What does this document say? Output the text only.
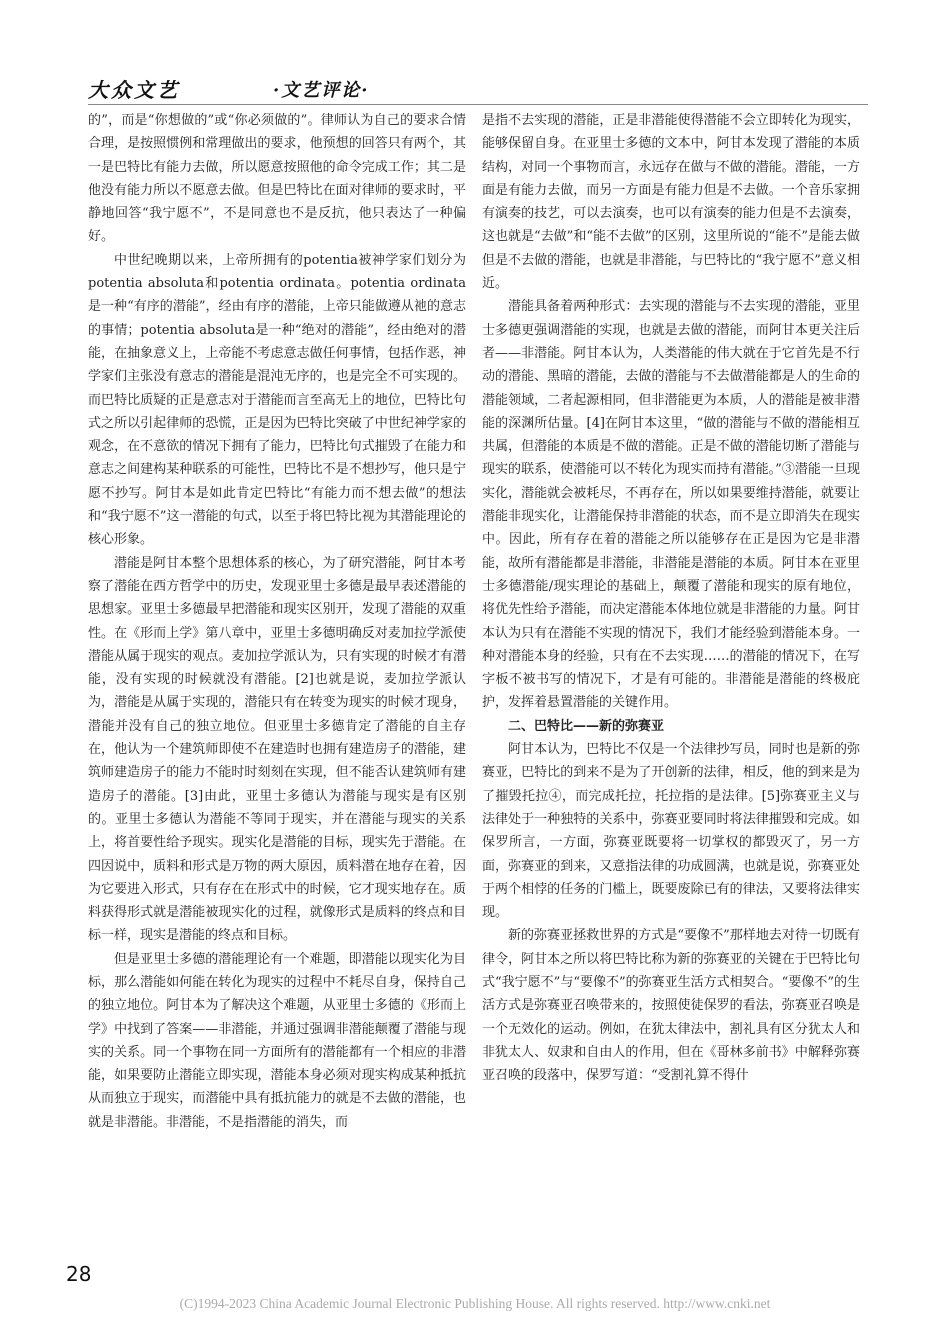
大众文艺	·文艺评论·

的”，而是“你想做的”或“你必须做的”。律师认为自己的要求合情合理，是按照惯例和常理做出的要求，他预想的回答只有两个，其一是巴特比有能力去做，所以愿意按照他的命令完成工作；其二是他没有能力所以不愿意去做。但是巴特比在面对律师的要求时，平静地回答“我宁愿不”，不是同意也不是反抗，他只表达了一种偏好。

中世纪晚期以来，上帝所拥有的potentia被神学家们划分为potentia absoluta和potentia ordinata。potentia ordinata是一种“有序的潜能”，经由有序的潜能，上帝只能做遵从祂的意志的事情；potentia absoluta是一种“绝对的潜能”，经由绝对的潜能，在抽象意义上，上帝能不考虑意志做任何事情，包括作恶，神学家们主张没有意志的潜能是混沌无序的，也是完全不可实现的。而巴特比质疑的正是意志对于潜能而言至高无上的地位，巴特比句式之所以引起律师的恐慌，正是因为巴特比突破了中世纪神学家的观念，在不意欲的情况下拥有了能力，巴特比句式摧毁了在能力和意志之间建构某种联系的可能性，巴特比不是不想抄写，他只是宁愿不抄写。阿甘本是如此肯定巴特比“有能力而不想去做”的想法和“我宁愿不”这一潜能的句式，以至于将巴特比视为其潜能理论的核心形象。

潜能是阿甘本整个思想体系的核心，为了研究潜能，阿甘本考察了潜能在西方哲学中的历史，发现亚里士多德是最早表述潜能的思想家。亚里士多德最早把潜能和现实区别开，发现了潜能的双重性。在《形而上学》第八章中，亚里士多德明确反对麦加拉学派使潜能从属于现实的观点。麦加拉学派认为，只有实现的时候才有潜能，没有实现的时候就没有潜能。[2]也就是说，麦加拉学派认为，潜能是从属于实现的，潜能只有在转变为现实的时候才现身，潜能并没有自己的独立地位。但亚里士多德肯定了潜能的自主存在，他认为一个建筑师即使不在建造时也拥有建造房子的潜能，建筑师建造房子的能力不能时时刻刻在实现，但不能否认建筑师有建造房子的潜能。[3]由此，亚里士多德认为潜能与现实是有区别的。亚里士多德认为潜能不等同于现实，并在潜能与现实的关系上，将首要性给予现实。现实化是潜能的目标，现实先于潜能。在四因说中，质料和形式是万物的两大原因，质料潜在地存在着，因为它要进入形式，只有存在在形式中的时候，它才现实地存在。质料获得形式就是潜能被现实化的过程，就像形式是质料的终点和目标一样，现实是潜能的终点和目标。

但是亚里士多德的潜能理论有一个难题，即潜能以现实化为目标，那么潜能如何能在转化为现实的过程中不耗尽自身，保持自己的独立地位。阿甘本为了解决这个难题，从亚里士多德的《形而上学》中找到了答案——非潜能，并通过强调非潜能颠覆了潜能与现实的关系。同一个事物在同一方面所有的潜能都有一个相应的非潜能，如果要防止潜能立即实现，潜能本身必须对现实构成某种抵抗从而独立于现实，而潜能中具有抵抗能力的就是不去做的潜能，也就是非潜能。非潜能，不是指潜能的消失，而

是指不去实现的潜能，正是非潜能使得潜能不会立即转化为现实，能够保留自身。在亚里士多德的文本中，阿甘本发现了潜能的本质结构，对同一个事物而言，永远存在做与不做的潜能。潜能，一方面是有能力去做，而另一方面是有能力但是不去做。一个音乐家拥有演奏的技艺，可以去演奏，也可以有演奏的能力但是不去演奏，这也就是“去做”和“能不去做”的区别，这里所说的“能不”是能去做但是不去做的潜能，也就是非潜能，与巴特比的“我宁愿不”意义相近。

潜能具备着两种形式：去实现的潜能与不去实现的潜能，亚里士多德更强调潜能的实现，也就是去做的潜能，而阿甘本更关注后者——非潜能。阿甘本认为，人类潜能的伟大就在于它首先是不行动的潜能、黑暗的潜能，去做的潜能与不去做潜能都是人的生命的潜能领域，二者起源相同，但非潜能更为本质，人的潜能是被非潜能的深渊所估量。[4]在阿甘本这里，“做的潜能与不做的潜能相互共属，但潜能的本质是不做的潜能。正是不做的潜能切断了潜能与现实的联系，使潜能可以不转化为现实而持有潜能。”③潜能一旦现实化，潜能就会被耗尽，不再存在，所以如果要维持潜能，就要让潜能非现实化，让潜能保持非潜能的状态，而不是立即消失在现实中。因此，所有存在着的潜能之所以能够存在正是因为它是非潜能，故所有潜能都是非潜能，非潜能是潜能的本质。阿甘本在亚里士多德潜能/现实理论的基础上，颠覆了潜能和现实的原有地位，将优先性给予潜能，而决定潜能本体地位就是非潜能的力量。阿甘本认为只有在潜能不实现的情况下，我们才能经验到潜能本身。一种对潜能本身的经验，只有在不去实现……的潜能的情况下，在写字板不被书写的情况下，才是有可能的。非潜能是潜能的终极庇护，发挥着悬置潜能的关键作用。

二、巴特比——新的弥赛亚

阿甘本认为，巴特比不仅是一个法律抄写员，同时也是新的弥赛亚，巴特比的到来不是为了开创新的法律，相反，他的到来是为了摧毁托拉④，而完成托拉，托拉指的是法律。[5]弥赛亚主义与法律处于一种独特的关系中，弥赛亚要同时将法律摧毁和完成。如保罗所言，一方面，弥赛亚既要将一切掌权的都毁灭了，另一方面，弥赛亚的到来，又意指法律的功成圆满，也就是说，弥赛亚处于两个相悖的任务的门槛上，既要废除已有的律法，又要将法律实现。

新的弥赛亚拯救世界的方式是“要像不”那样地去对待一切既有律令，阿甘本之所以将巴特比称为新的弥赛亚的关键在于巴特比句式“我宁愿不”与“要像不”的弥赛亚生活方式相契合。“要像不”的生活方式是弥赛亚召唤带来的，按照使徒保罗的看法，弥赛亚召唤是一个无效化的运动。例如，在犹太律法中，割礼具有区分犹太人和非犹太人、奴隶和自由人的作用，但在《哥林多前书》中解释弥赛亚召唤的段落中，保罗写道：“受割礼算不得什

28
(C)1994-2023 China Academic Journal Electronic Publishing House. All rights reserved. http://www.cnki.net
